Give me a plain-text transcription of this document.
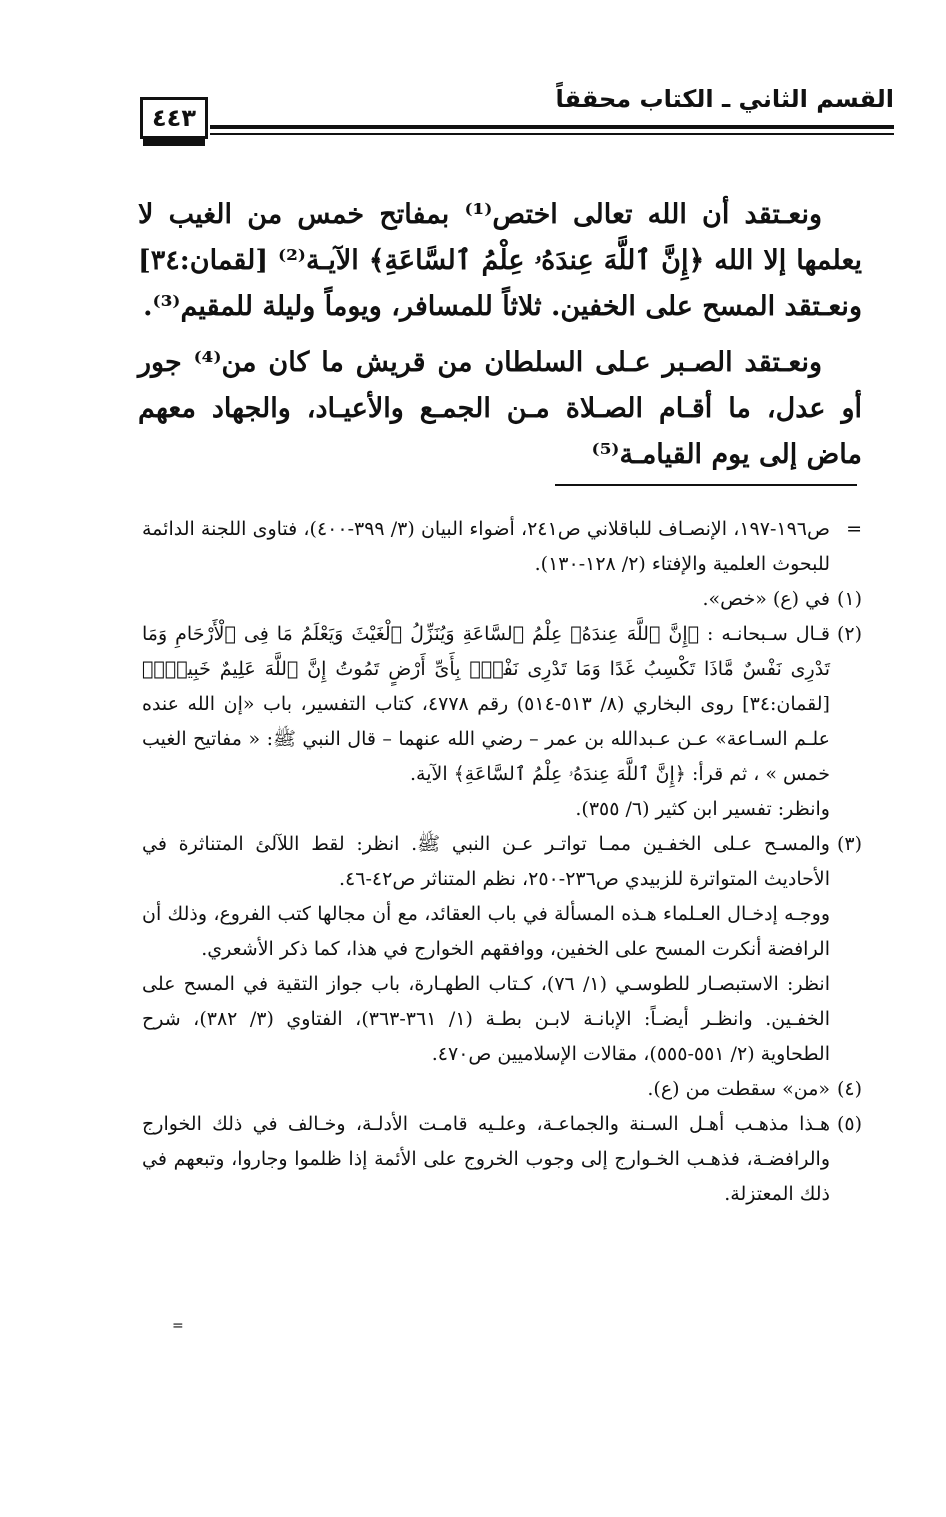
٤٤٣
القسم الثاني ـ الكتاب محققاً

ونعـتقد أن الله تعالى اختص⁽¹⁾ بمفاتح خمس من الغيب لا يعلمها إلا الله ﴿إِنَّ ٱللَّهَ عِندَهُۥ عِلْمُ ٱلسَّاعَةِ﴾ الآيـة⁽²⁾ [لقمان:٣٤] ونعـتقد المسح على الخفين. ثلاثاً للمسافر، ويوماً وليلة للمقيم⁽³⁾.

ونعـتقد الصـبر عـلى السلطان من قريش ما كان من⁽⁴⁾ جور أو عدل، ما أقـام الصـلاة مـن الجمـع والأعيـاد، والجهاد معهم ماض إلى يوم القيامـة⁽⁵⁾

=
ص١٩٦-١٩٧، الإنصـاف للباقلاني ص٢٤١، أضواء البيان (٣/ ٣٩٩-٤٠٠)، فتاوى اللجنة الدائمة للبحوث العلمية والإفتاء (٢/ ١٢٨-١٣٠).
(١)
في (ع) «خص».
(٢)
قـال سـبحانـه : ﴿إِنَّ ٱللَّهَ عِندَهُۥ عِلْمُ ٱلسَّاعَةِ وَيُنَزِّلُ ٱلْغَيْثَ وَيَعْلَمُ مَا فِى ٱلْأَرْحَامِ وَمَا تَدْرِى نَفْسٌ مَّاذَا تَكْسِبُ غَدًا وَمَا تَدْرِى نَفْسٌۢ بِأَىِّ أَرْضٍ تَمُوتُ إِنَّ ٱللَّهَ عَلِيمٌ خَبِيرٌۢ﴾ [لقمان:٣٤] روى البخاري (٨/ ٥١٣-٥١٤) رقم ٤٧٧٨، كتاب التفسير، باب «إن الله عنده علـم السـاعة» عـن عـبدالله بن عمر – رضي الله عنهما – قال النبي ﷺ: « مفاتيح الغيب خمس » ، ثم قرأ: ﴿إِنَّ ٱللَّهَ عِندَهُۥ عِلْمُ ٱلسَّاعَةِ﴾ الآية.
وانظر: تفسير ابن كثير (٦/ ٣٥٥).
(٣)
والمسـح عـلى الخفـين ممـا تواتـر عـن النبي ﷺ. انظر: لقط اللآلئ المتناثرة في الأحاديث المتواترة للزبيدي ص٢٣٦-٢٥٠، نظم المتناثر ص٤٢-٤٦.
ووجـه إدخـال العـلماء هـذه المسألة في باب العقائد، مع أن مجالها كتب الفروع، وذلك أن الرافضة أنكرت المسح على الخفين، ووافقهم الخوارج في هذا، كما ذكر الأشعري.
انظر: الاستبصـار للطوسـي (١/ ٧٦)، كـتاب الطهـارة، باب جواز التقية في المسح على الخفـين. وانظـر أيضـاً: الإبانـة لابـن بطـة (١/ ٣٦١-٣٦٣)، الفتاوي (٣/ ٣٨٢)، شرح الطحاوية (٢/ ٥٥١-٥٥٥)، مقالات الإسلاميين ص٤٧٠.
(٤)
«من» سقطت من (ع).
(٥)
هـذا مذهـب أهـل السـنة والجماعـة، وعلـيه قامـت الأدلـة، وخـالف في ذلك الخوارج والرافضـة، فذهـب الخـوارج إلى وجوب الخروج على الأئمة إذا ظلموا وجاروا، وتبعهم في ذلك المعتزلة.
=
